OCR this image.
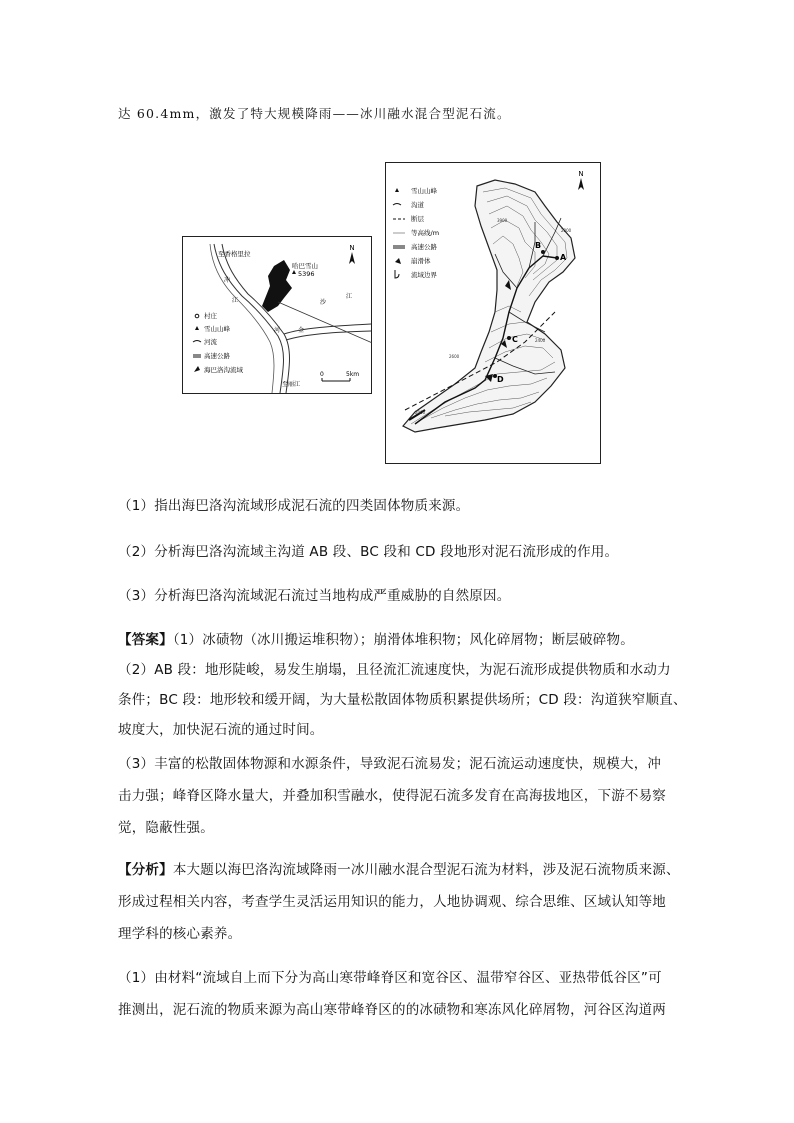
达 60.4mm，激发了特大规模降雨——冰川融水混合型泥石流。
N
至香格里拉
哈巴雪山
5396
至丽江
冲
江
河	金
沙
江
0	5km
村庄
雪山山峰
河流
高速公路
海巴洛沟流域
N
A
B
C
D
3900
2600
2000
2400
2800
雪山山峰
沟道
断层
等高线/m
高速公路
崩滑体
流域边界
（1）指出海巴洛沟流域形成泥石流的四类固体物质来源。
（2）分析海巴洛沟流域主沟道 AB 段、BC 段和 CD 段地形对泥石流形成的作用。
（3）分析海巴洛沟流域泥石流过当地构成严重威胁的自然原因。
【答案】（1）冰碛物（冰川搬运堆积物）；崩滑体堆积物；风化碎屑物；断层破碎物。
（2）AB 段：地形陡峻，易发生崩塌，且径流汇流速度快，为泥石流形成提供物质和水动力
条件；BC 段：地形较和缓开阔，为大量松散固体物质积累提供场所；CD 段：沟道狭窄顺直、
坡度大，加快泥石流的通过时间。
（3）丰富的松散固体物源和水源条件，导致泥石流易发；泥石流运动速度快，规模大，冲
击力强；峰脊区降水量大，并叠加积雪融水，使得泥石流多发育在高海拔地区，下游不易察
觉，隐蔽性强。
【分析】本大题以海巴洛沟流域降雨一冰川融水混合型泥石流为材料，涉及泥石流物质来源、
形成过程相关内容，考查学生灵活运用知识的能力，人地协调观、综合思维、区域认知等地
理学科的核心素养。
（1）由材料“流域自上而下分为高山寒带峰脊区和宽谷区、温带窄谷区、亚热带低谷区”可
推测出，泥石流的物质来源为高山寒带峰脊区的的冰碛物和寒冻风化碎屑物，河谷区沟道两
